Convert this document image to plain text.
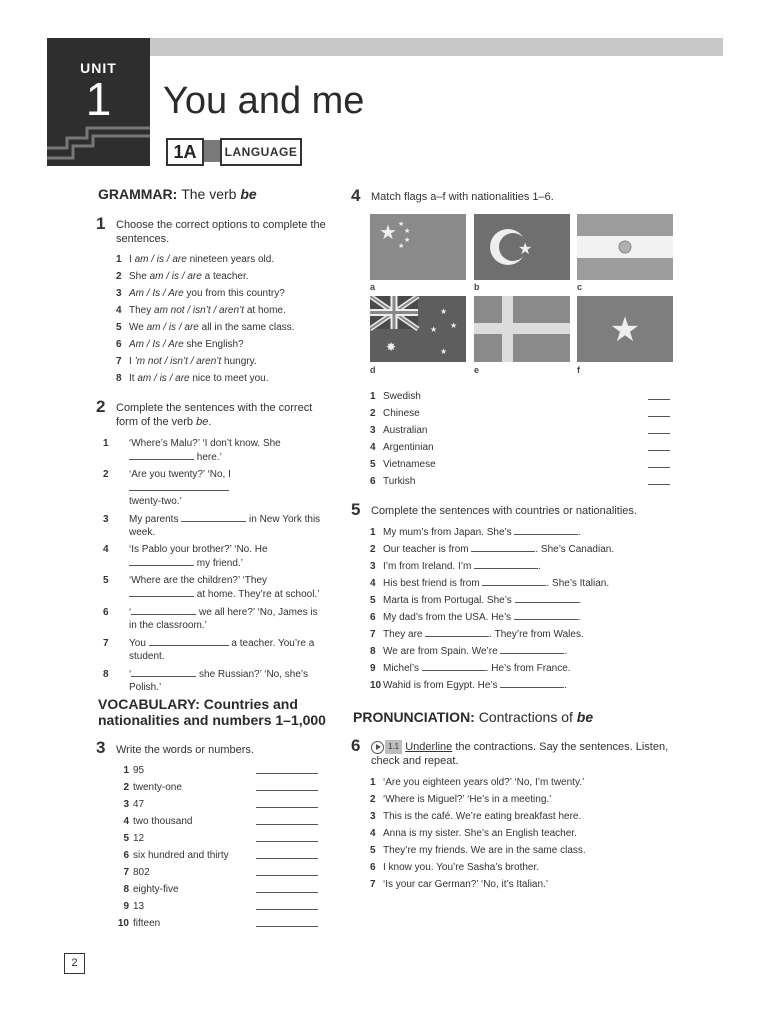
UNIT
1	You and me
1A	LANGUAGE
GRAMMAR: The verb be
1 Choose the correct options to complete the sentences.
1 I am / is / are nineteen years old.
2 She am / is / are a teacher.
3 Am / Is / Are you from this country?
4 They am not / isn’t / aren’t at home.
5 We am / is / are all in the same class.
6 Am / Is / Are she English?
7 I ’m not / isn’t / aren’t hungry.
8 It am / is / are nice to meet you.
2 Complete the sentences with the correct form of the verb be.
1 ‘Where’s Malu?’ ‘I don’t know. She
here.’
2 ‘Are you twenty?’ ‘No, I
twenty-two.’
3 My parents	in New York this
week.
4 ‘Is Pablo your brother?’ ‘No. He
my friend.’
5 ‘Where are the children?’ ‘They
at home. They’re at school.’
6 ‘	we all here?’ ‘No, James is
in the classroom.’
7 You	a teacher. You’re a
student.
8 ‘	she Russian?’ ‘No, she’s
Polish.’
VOCABULARY: Countries and
nationalities and numbers 1–1,000
3 Write the words or numbers.
1 95
2 twenty-one
3 47
4 two thousand
5 12
6 six hundred and thirty
7 802
8 eighty-five
9 13
10 fifteen
4 Match flags a–f with nationalities 1–6.
★ ★
★
★
★	★
a	b	c
✸
★
★ ★
★
★
d	e	f
1 Swedish
2 Chinese
3 Australian
4 Argentinian
5 Vietnamese
6 Turkish
5 Complete the sentences with countries or nationalities.
1 My mum’s from Japan. She’s	.
2 Our teacher is from	. She’s Canadian.
3 I’m from Ireland. I’m	.
4 His best friend is from	. She’s Italian.
5 Marta is from Portugal. She’s	.
6 My dad’s from the USA. He’s	.
7 They are	. They’re from Wales.
8 We are from Spain. We’re	.
9 Michel’s	. He’s from France.
10 Wahid is from Egypt. He’s	.
PRONUNCIATION: Contractions of be
6	1.1 Underline the contractions. Say the sentences. Listen,
check and repeat.
1 ‘Are you eighteen years old?’ ‘No, I’m twenty.’
2 ‘Where is Miguel?’ ‘He’s in a meeting.’
3 This is the café. We’re eating breakfast here.
4 Anna is my sister. She’s an English teacher.
5 They’re my friends. We are in the same class.
6 I know you. You’re Sasha’s brother.
7 ‘Is your car German?’ ‘No, it’s Italian.’
2
